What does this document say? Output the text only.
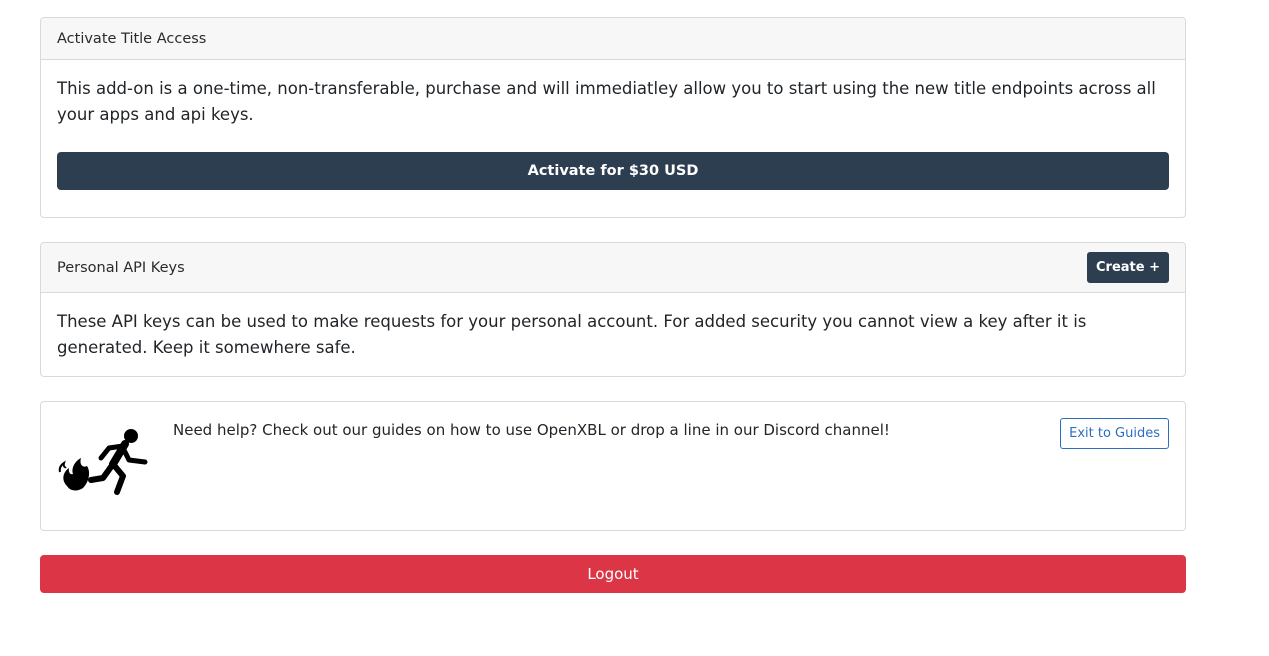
Activate Title Access
This add-on is a one-time, non-transferable, purchase and will immediatley allow you to start using the new title endpoints across all your apps and api keys.
Activate for $30 USD
Personal API Keys	Create +
These API keys can be used to make requests for your personal account. For added security you cannot view a key after it is generated. Keep it somewhere safe.
Need help? Check out our guides on how to use OpenXBL or drop a line in our Discord channel!	Exit to Guides
Logout
